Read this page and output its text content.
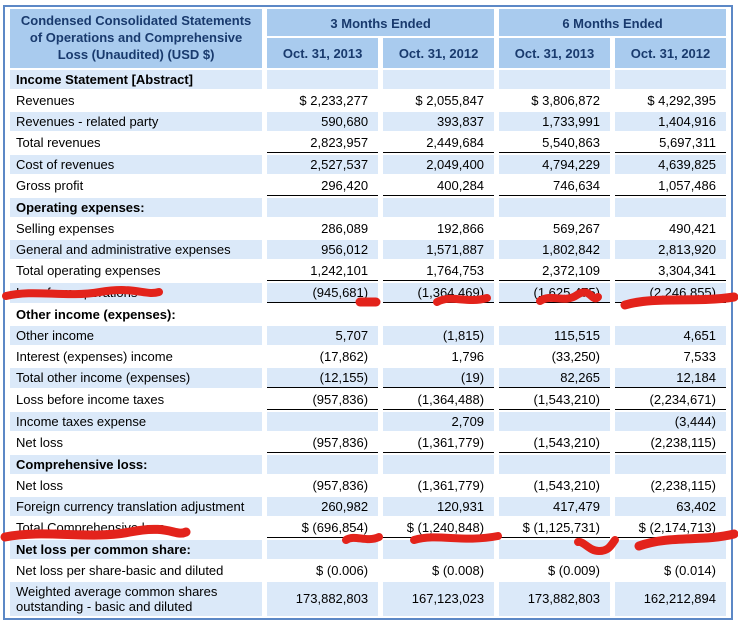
Condensed Consolidated Statements of Operations and Comprehensive Loss (Unaudited) (USD $)	3 Months Ended		6 Months Ended	
	Oct. 31, 2013	Oct. 31, 2012	Oct. 31, 2013	Oct. 31, 2012
Income Statement [Abstract]				
Revenues	$ 2,233,277	$ 2,055,847	$ 3,806,872	$ 4,292,395
Revenues - related party	590,680	393,837	1,733,991	1,404,916
Total revenues	2,823,957	2,449,684	5,540,863	5,697,311
Cost of revenues	2,527,537	2,049,400	4,794,229	4,639,825
Gross profit	296,420	400,284	746,634	1,057,486
Operating expenses:				
Selling expenses	286,089	192,866	569,267	490,421
General and administrative expenses	956,012	1,571,887	1,802,842	2,813,920
Total operating expenses	1,242,101	1,764,753	2,372,109	3,304,341
Loss from operations	(945,681)	(1,364,469)	(1,625,475)	(2,246,855)
Other income (expenses):				
Other income	5,707	(1,815)	115,515	4,651
Interest (expenses) income	(17,862)	1,796	(33,250)	7,533
Total other income (expenses)	(12,155)	(19)	82,265	12,184
Loss before income taxes	(957,836)	(1,364,488)	(1,543,210)	(2,234,671)
Income taxes expense		2,709		(3,444)
Net loss	(957,836)	(1,361,779)	(1,543,210)	(2,238,115)
Comprehensive loss:				
Net loss	(957,836)	(1,361,779)	(1,543,210)	(2,238,115)
Foreign currency translation adjustment	260,982	120,931	417,479	63,402
Total Comprehensive loss	$ (696,854)	$ (1,240,848)	$ (1,125,731)	$ (2,174,713)
Net loss per common share:				
Net loss per share-basic and diluted	$ (0.006)	$ (0.008)	$ (0.009)	$ (0.014)
Weighted average common shares outstanding - basic and diluted	173,882,803	167,123,023	173,882,803	162,212,894
